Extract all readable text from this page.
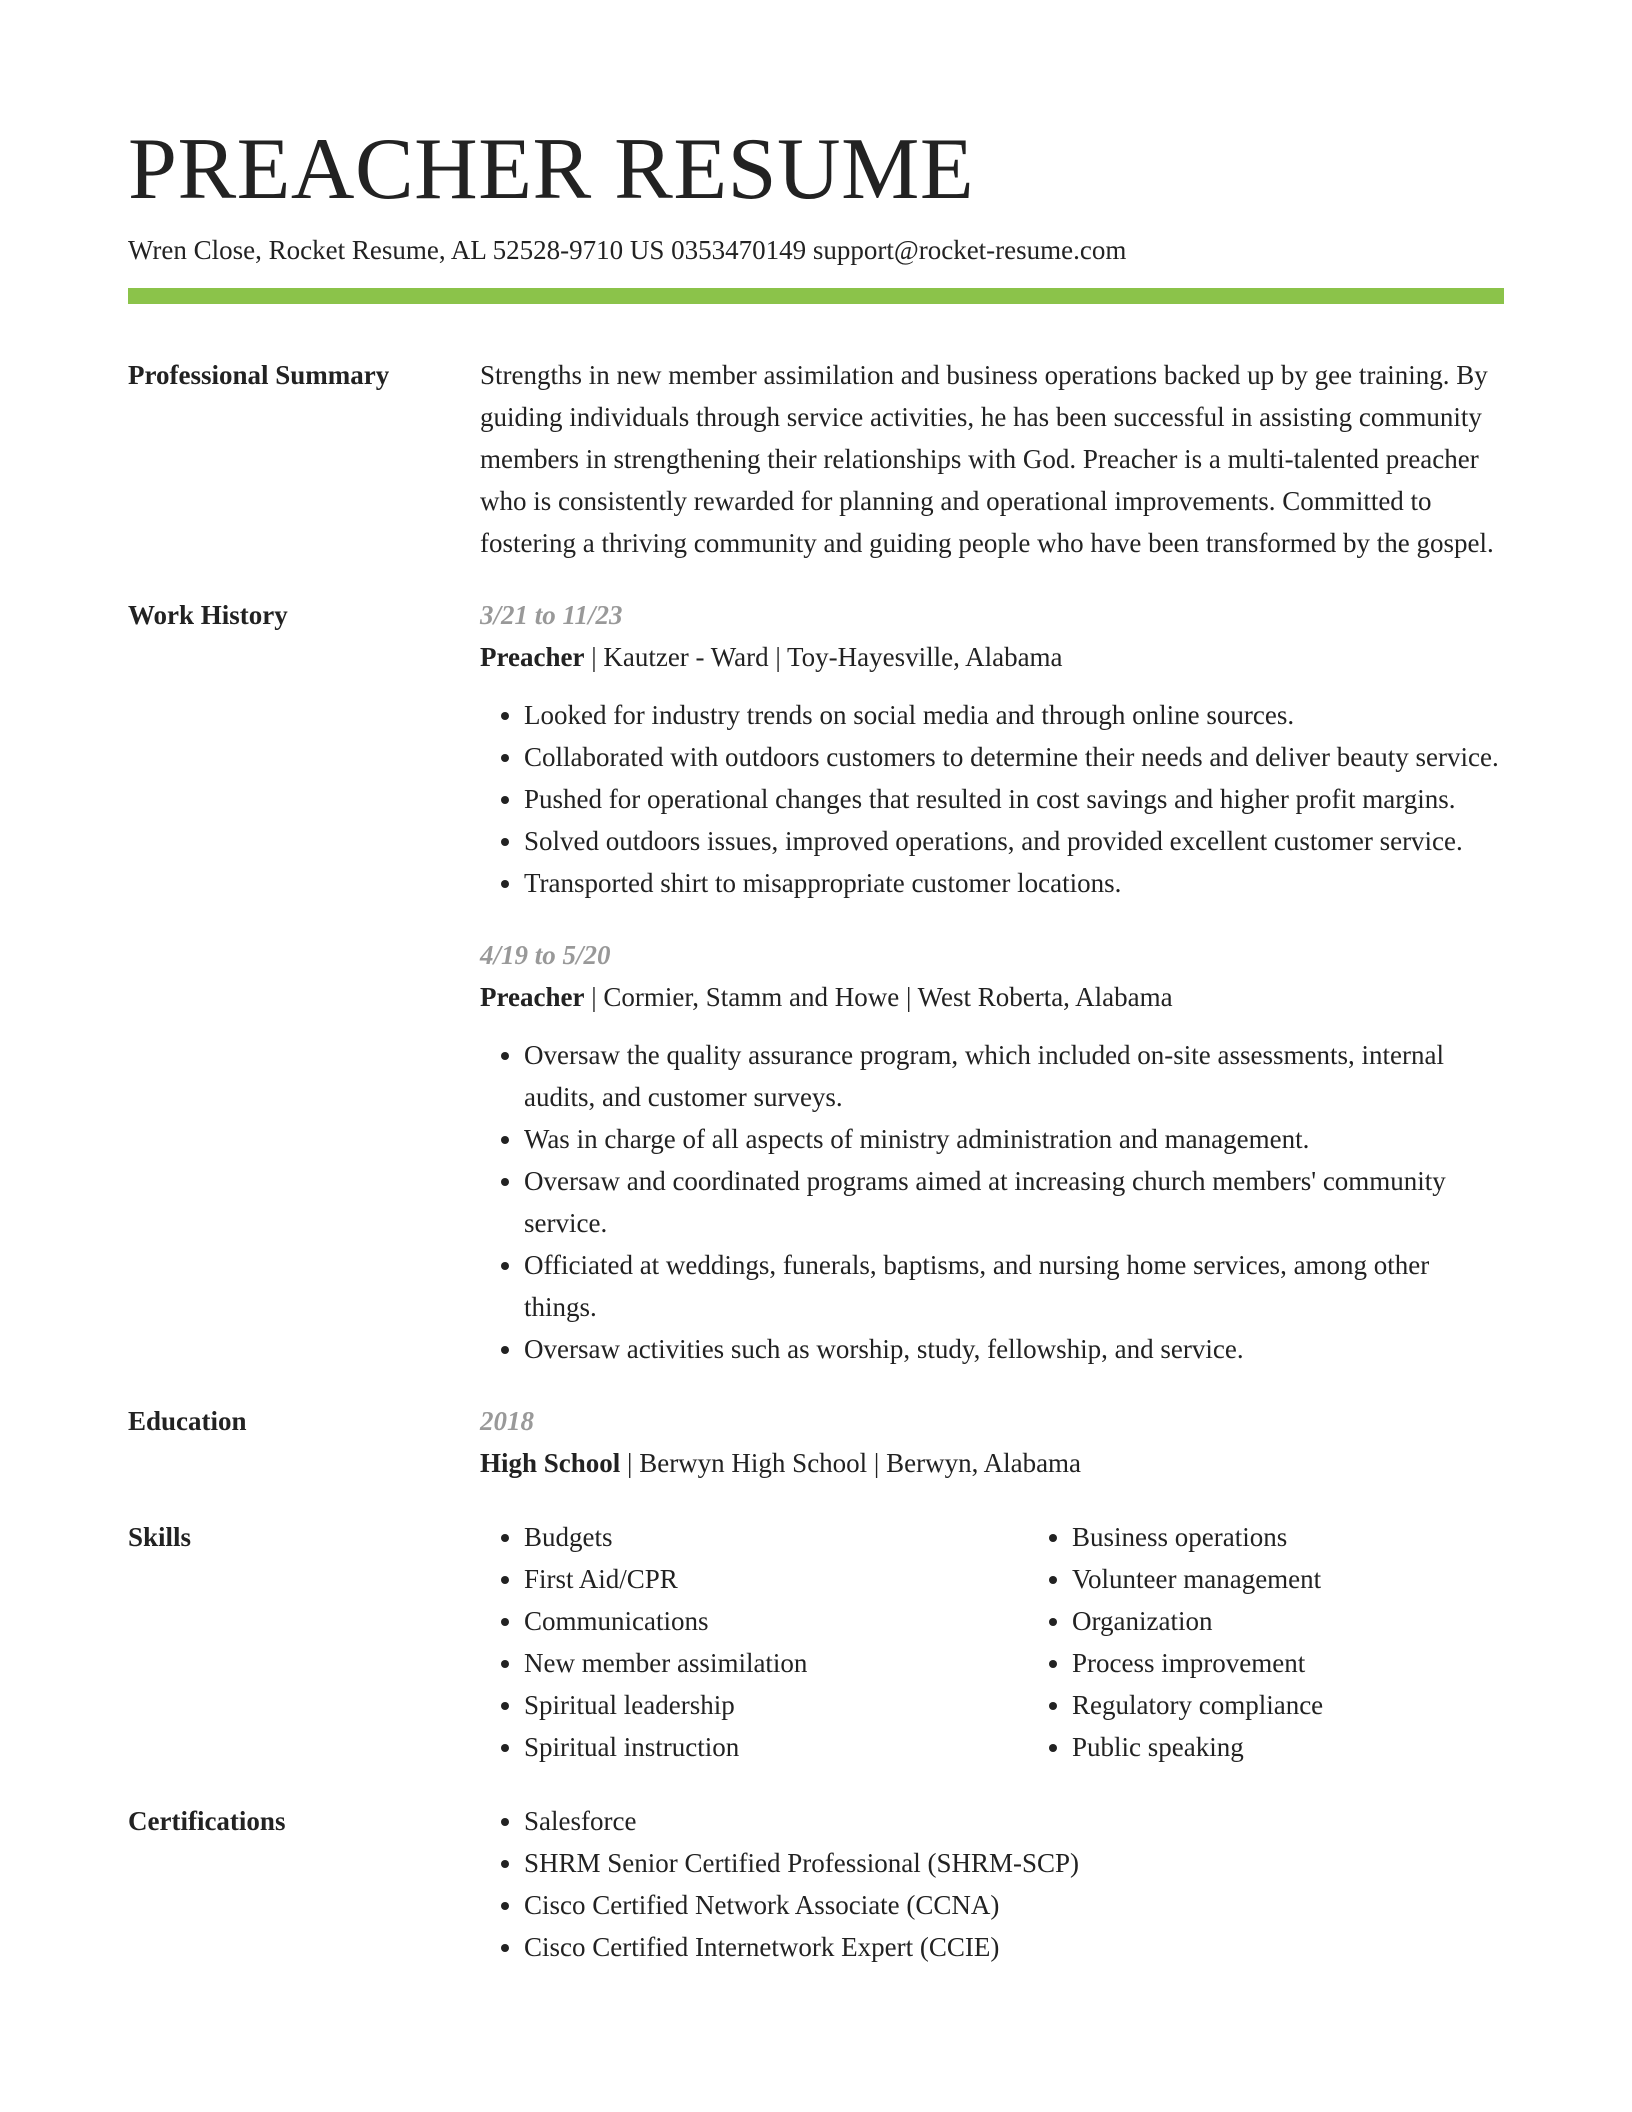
PREACHER RESUME
Wren Close, Rocket Resume, AL 52528-9710 US 0353470149 support@rocket-resume.com
Professional Summary	Strengths in new member assimilation and business operations backed up by gee training. By guiding individuals through service activities, he has been successful in assisting community members in strengthening their relationships with God. Preacher is a multi-talented preacher who is consistently rewarded for planning and operational improvements. Committed to fostering a thriving community and guiding people who have been transformed by the gospel.
Work History	3/21 to 11/23
Preacher | Kautzer - Ward | Toy-Hayesville, Alabama
• Looked for industry trends on social media and through online sources.
• Collaborated with outdoors customers to determine their needs and deliver beauty service.
• Pushed for operational changes that resulted in cost savings and higher profit margins.
• Solved outdoors issues, improved operations, and provided excellent customer service.
• Transported shirt to misappropriate customer locations.
4/19 to 5/20
Preacher | Cormier, Stamm and Howe | West Roberta, Alabama
• Oversaw the quality assurance program, which included on-site assessments, internal audits, and customer surveys.
• Was in charge of all aspects of ministry administration and management.
• Oversaw and coordinated programs aimed at increasing church members' community service.
• Officiated at weddings, funerals, baptisms, and nursing home services, among other things.
• Oversaw activities such as worship, study, fellowship, and service.
Education	2018
High School | Berwyn High School | Berwyn, Alabama
Skills	• Budgets
• First Aid/CPR
• Communications
• New member assimilation
• Spiritual leadership
• Spiritual instruction
• Business operations
• Volunteer management
• Organization
• Process improvement
• Regulatory compliance
• Public speaking
Certifications	• Salesforce
• SHRM Senior Certified Professional (SHRM-SCP)
• Cisco Certified Network Associate (CCNA)
• Cisco Certified Internetwork Expert (CCIE)
